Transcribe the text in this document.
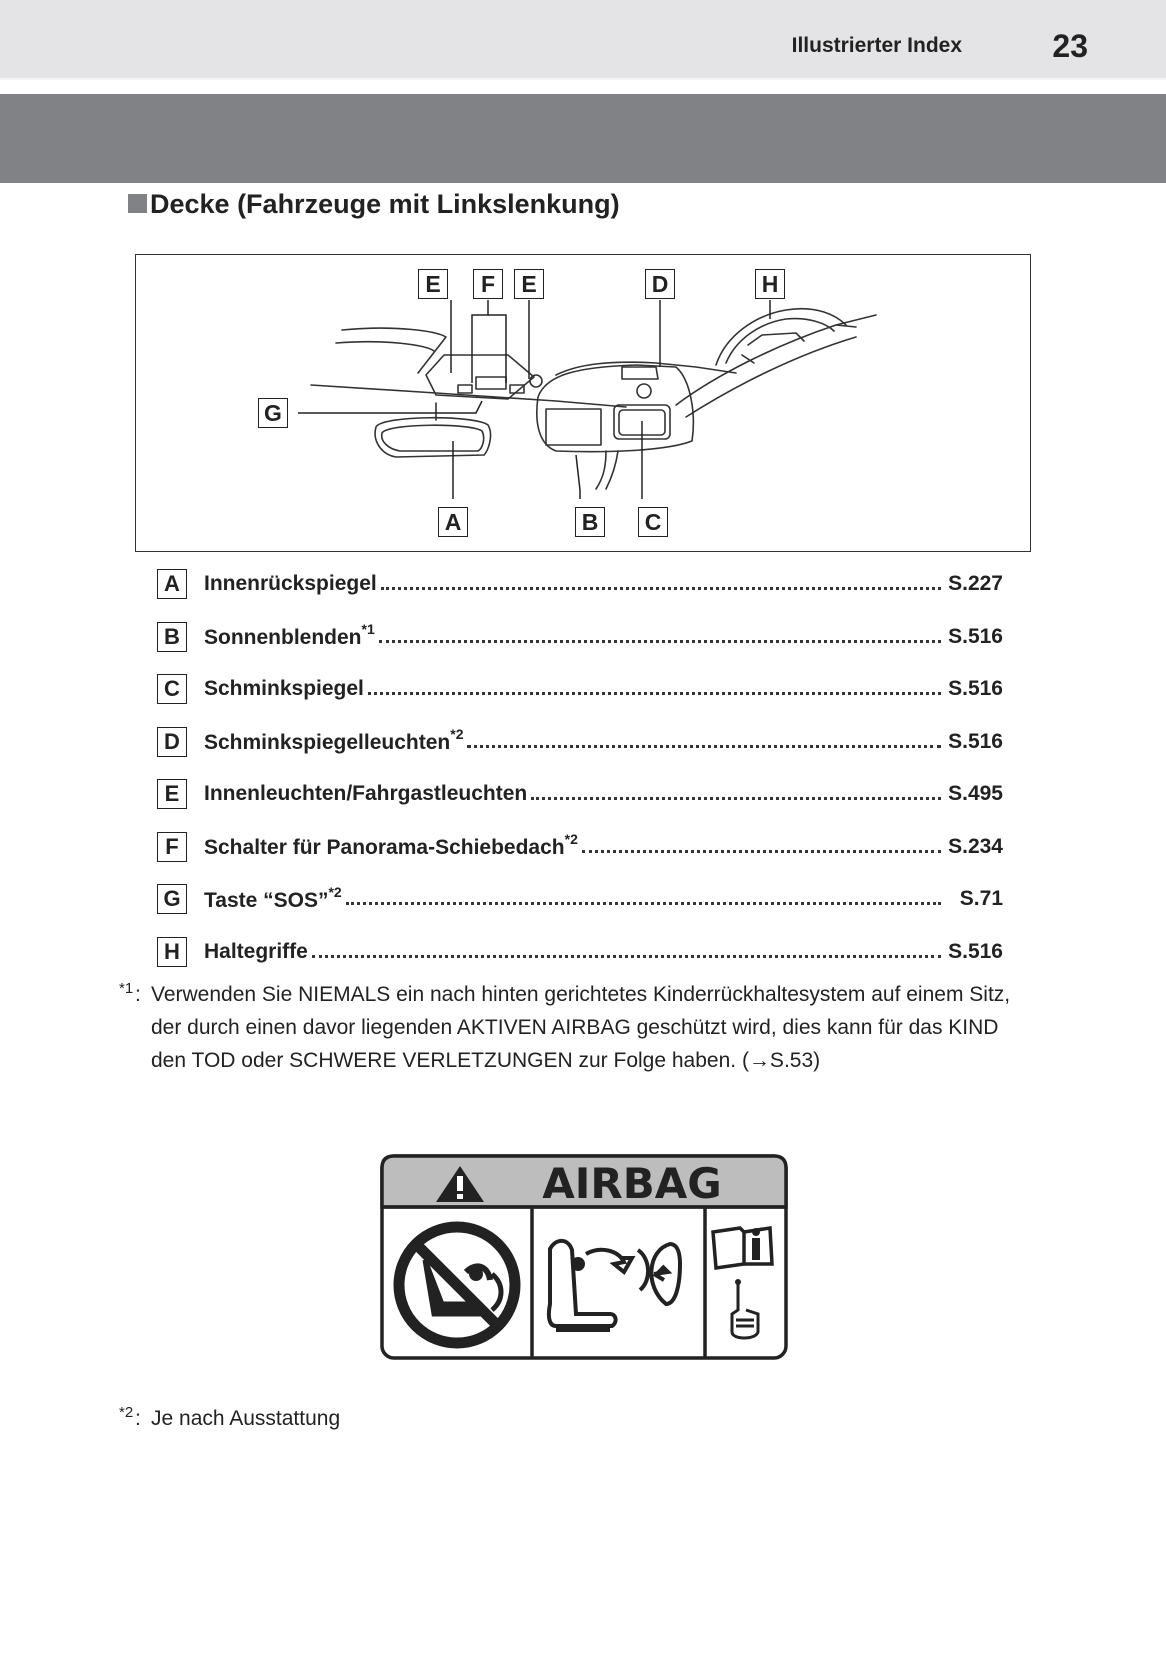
Illustrierter Index	23
Decke (Fahrzeuge mit Linkslenkung)
E	F	E	D	H
G
A	B C
A	Innenrückspiegel	S.227
B	Sonnenblenden$^{*1}$	S.516
C	Schminkspiegel	S.516
D	Schminkspiegelleuchten$^{*2}$	S.516
E	Innenleuchten/Fahrgastleuchten	S.495
F	Schalter für Panorama-Schiebedach$^{*2}$	S.234
G	Taste “SOS”$^{*2}$	S.71
H	Haltegriffe	S.516
*1 : Verwenden Sie NIEMALS ein nach hinten gerichtetes Kinderrückhaltesystem auf einem Sitz, der durch einen davor liegenden AKTIVEN AIRBAG geschützt wird, dies kann für das KIND den TOD oder SCHWERE VERLETZUNGEN zur Folge haben. (→S.53)
AIRBAG
*2 : Je nach Ausstattung
